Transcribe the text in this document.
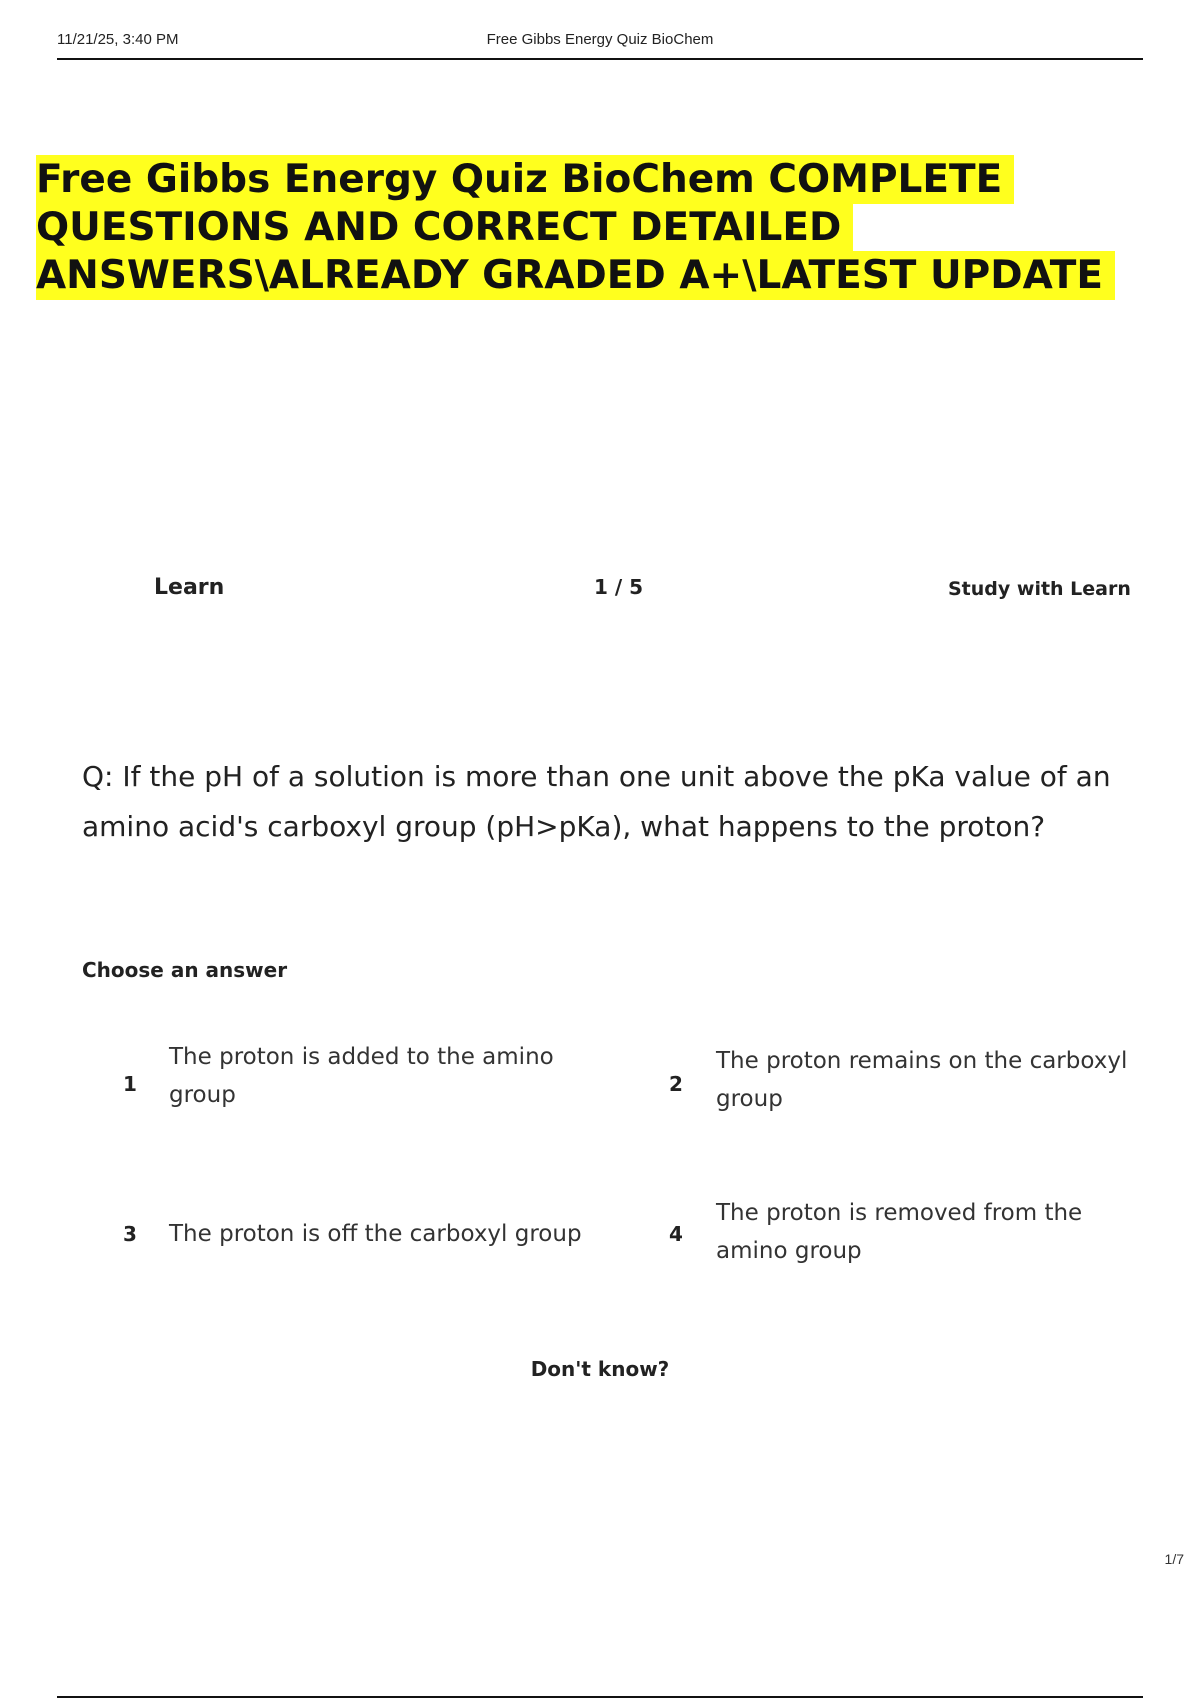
11/21/25, 3:40 PM	Free Gibbs Energy Quiz BioChem
Free Gibbs Energy Quiz BioChem COMPLETE QUESTIONS AND CORRECT DETAILED ANSWERS\ALREADY GRADED A+\LATEST UPDATE
Learn	1 / 5	Study with Learn

Q: If the pH of a solution is more than one unit above the pKa value of an amino acid's carboxyl group (pH>pKa), what happens to the proton?

Choose an answer
1
The proton is added to the amino group	2
The proton remains on the carboxyl group
3 The proton is off the carboxyl group	4
The proton is removed from the amino group
Don't know?
1/7
